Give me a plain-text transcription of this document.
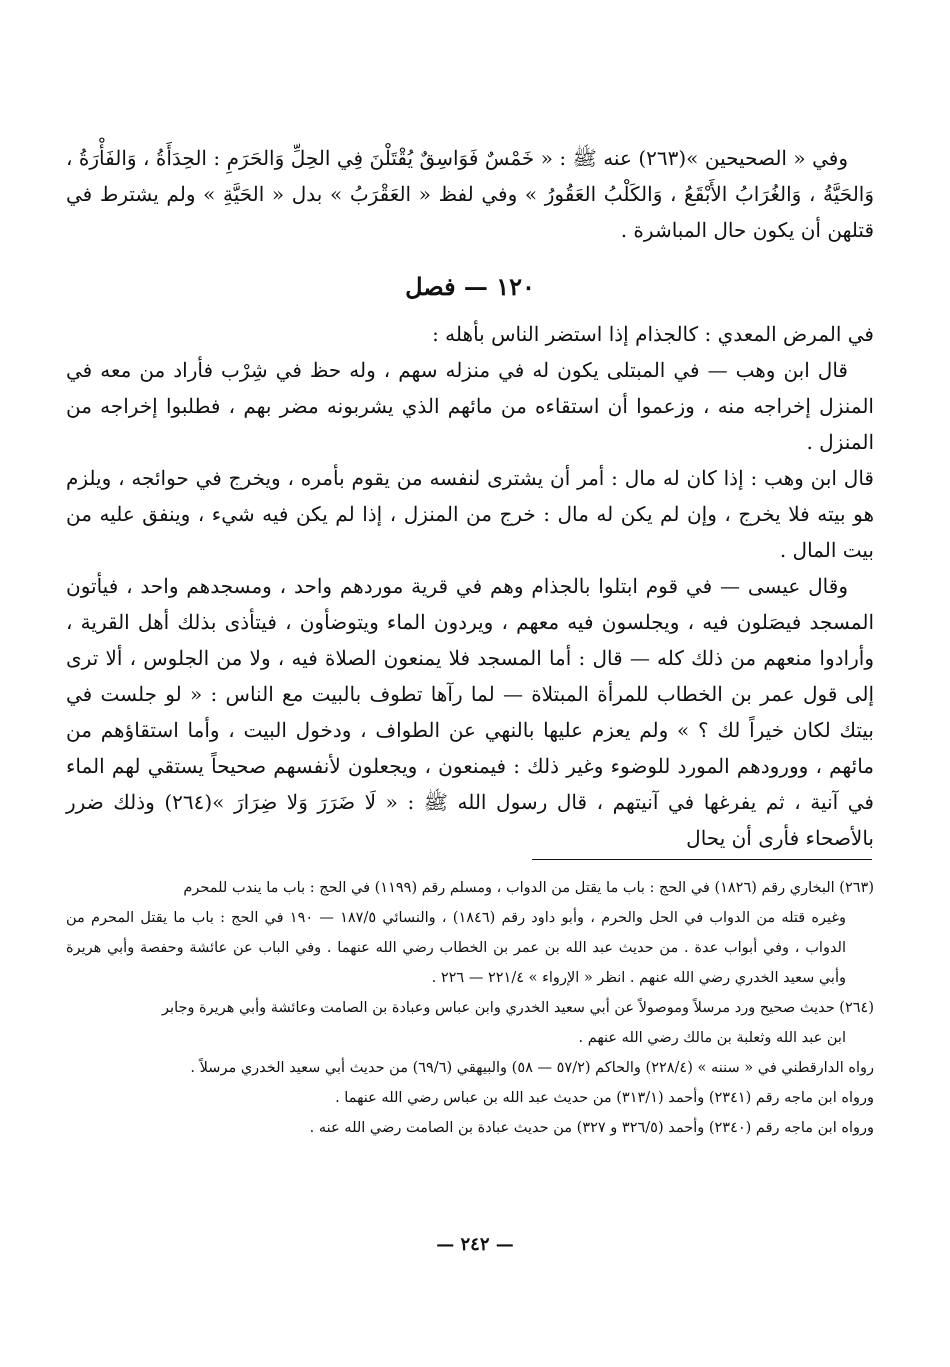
وفي « الصحيحين »(٢٦٣) عنه ﷺ : « خَمْسٌ فَوَاسِقٌ يُقْتَلْنَ فِي الحِلِّ وَالحَرَمِ : الحِدَأَةُ ، وَالفَأْرَةُ ، وَالحَيَّةُ ، وَالغُرَابُ الأَبْقَعُ ، وَالكَلْبُ العَقُورُ » وفي لفظ « العَقْرَبُ » بدل « الحَيَّةِ » ولم يشترط في قتلهن أن يكون حال المباشرة .

١٢٠ — فصل

في المرض المعدي : كالجذام إذا استضر الناس بأهله :

قال ابن وهب — في المبتلى يكون له في منزله سهم ، وله حظ في شِرْب فأراد من معه في المنزل إخراجه منه ، وزعموا أن استقاءه من مائهم الذي يشربونه مضر بهم ، فطلبوا إخراجه من المنزل .

قال ابن وهب : إذا كان له مال : أمر أن يشترى لنفسه من يقوم بأمره ، ويخرج في حوائجه ، ويلزم هو بيته فلا يخرج ، وإن لم يكن له مال : خرج من المنزل ، إذا لم يكن فيه شيء ، وينفق عليه من بيت المال .

وقال عيسى — في قوم ابتلوا بالجذام وهم في قرية موردهم واحد ، ومسجدهم واحد ، فيأتون المسجد فيصَلون فيه ، ويجلسون فيه معهم ، ويردون الماء ويتوضأون ، فيتأذى بذلك أهل القرية ، وأرادوا منعهم من ذلك كله — قال : أما المسجد فلا يمنعون الصلاة فيه ، ولا من الجلوس ، ألا ترى إلى قول عمر بن الخطاب للمرأة المبتلاة — لما رآها تطوف بالبيت مع الناس : « لو جلست في بيتك لكان خيراً لك ؟ » ولم يعزم عليها بالنهي عن الطواف ، ودخول البيت ، وأما استقاؤهم من مائهم ، وورودهم المورد للوضوء وغير ذلك : فيمنعون ، ويجعلون لأنفسهم صحيحاً يستقي لهم الماء في آنية ، ثم يفرغها في آنيتهم ، قال رسول الله ﷺ : « لَا ضَرَرَ وَلا ضِرَارَ »(٢٦٤) وذلك ضرر بالأصحاء فأرى أن يحال

(٢٦٣) البخاري رقم (١٨٢٦) في الحج : باب ما يقتل من الدواب ، ومسلم رقم (١١٩٩) في الحج : باب ما يندب للمحرم

وغيره قتله من الدواب في الحل والحرم ، وأبو داود رقم (١٨٤٦) ، والنسائي ١٨٧/٥ — ١٩٠ في الحج : باب ما يقتل المحرم من الدواب ، وفي أبواب عدة . من حديث عبد الله بن عمر بن الخطاب رضي الله عنهما . وفي الباب عن عائشة وحفصة وأبي هريرة وأبي سعيد الخدري رضي الله عنهم . انظر « الإرواء » ٢٢١/٤ — ٢٢٦ .

(٢٦٤) حديث صحيح ورد مرسلاً وموصولاً عن أبي سعيد الخدري وابن عباس وعبادة بن الصامت وعائشة وأبي هريرة وجابر

ابن عبد الله وثعلبة بن مالك رضي الله عنهم .

رواه الدارقطني في « سننه » (٢٢٨/٤) والحاكم (٥٧/٢ — ٥٨) والبيهقي (٦٩/٦) من حديث أبي سعيد الخدري مرسلاً .

ورواه ابن ماجه رقم (٢٣٤١) وأحمد (٣١٣/١) من حديث عبد الله بن عباس رضي الله عنهما .

ورواه ابن ماجه رقم (٢٣٤٠) وأحمد (٣٢٦/٥ و ٣٢٧) من حديث عبادة بن الصامت رضي الله عنه .

— ٢٤٢ —
